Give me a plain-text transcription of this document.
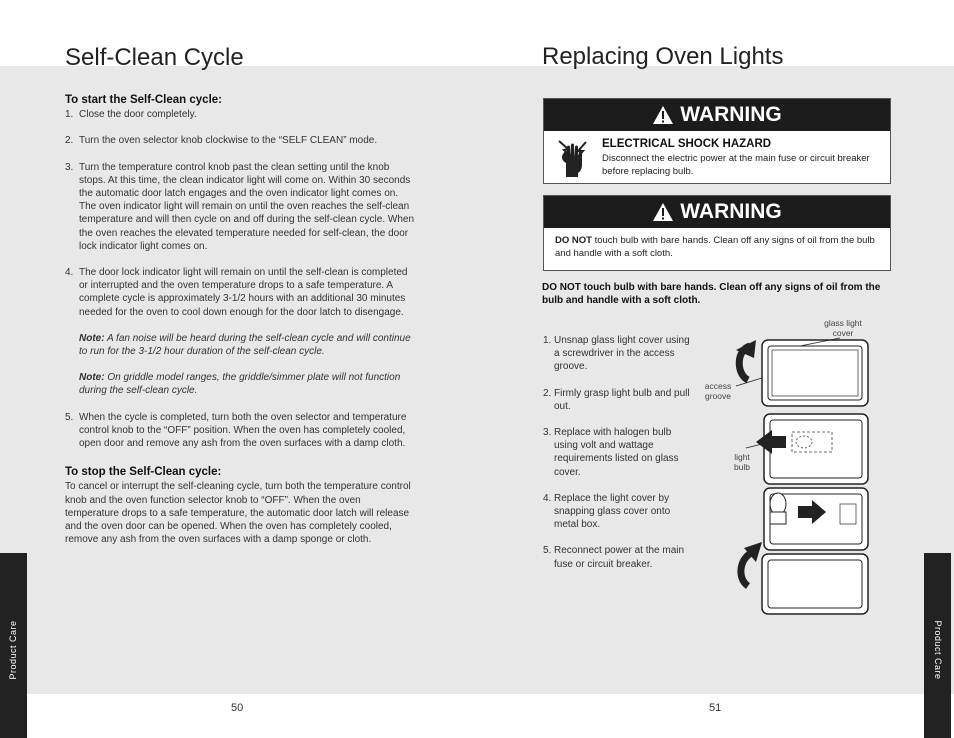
Product Care	Product Care
Self-Clean Cycle
To start the Self-Clean cycle:
1. Close the door completely.
2. Turn the oven selector knob clockwise to the “SELF CLEAN” mode.
3. Turn the temperature control knob past the clean setting until the knob stops. At this time, the clean indicator light will come on. Within 30 seconds the automatic door latch engages and the oven indicator light comes on. The oven indicator light will remain on until the oven reaches the self-clean temperature and will then cycle on and off during the self-clean cycle. When the oven reaches the elevated temperature needed for self-clean, the door lock indicator light comes on.
4. The door lock indicator light will remain on until the self-clean is completed or interrupted and the oven temperature drops to a safe temperature. A complete cycle is approximately 3-1/2 hours with an additional 30 minutes needed for the oven to cool down enough for the door latch to disengage.

Note: A fan noise will be heard during the self-clean cycle and will continue to run for the 3-1/2 hour duration of the self-clean cycle.

Note: On griddle model ranges, the griddle/simmer plate will not function during the self-clean cycle.

5. When the cycle is completed, turn both the oven selector and temperature control knob to the “OFF” position. When the oven has completely cooled, open door and remove any ash from the oven surfaces with a damp cloth.
To stop the Self-Clean cycle:
To cancel or interrupt the self-cleaning cycle, turn both the temperature control knob and the oven function selector knob to “OFF”. When the oven temperature drops to a safe temperature, the automatic door latch will release and the oven door can be opened. When the oven has completely cooled, remove any ash from the oven surfaces with a damp sponge or cloth.
50
Replacing Oven Lights
WARNING
ELECTRICAL SHOCK HAZARD
Disconnect the electric power at the main fuse or circuit breaker before replacing bulb.
WARNING
DO NOT touch bulb with bare hands. Clean off any signs of oil from the bulb and handle with a soft cloth.
DO NOT touch bulb with bare hands. Clean off any signs of oil from the bulb and handle with a soft cloth.
1. Unsnap glass light cover using a screwdriver in the access groove.
2. Firmly grasp light bulb and pull out.
3. Replace with halogen bulb using volt and wattage requirements listed on glass cover.
4. Replace the light cover by snapping glass cover onto metal box.
5. Reconnect power at the main fuse or circuit breaker.
glass light
cover
access
groove
light
bulb
51
